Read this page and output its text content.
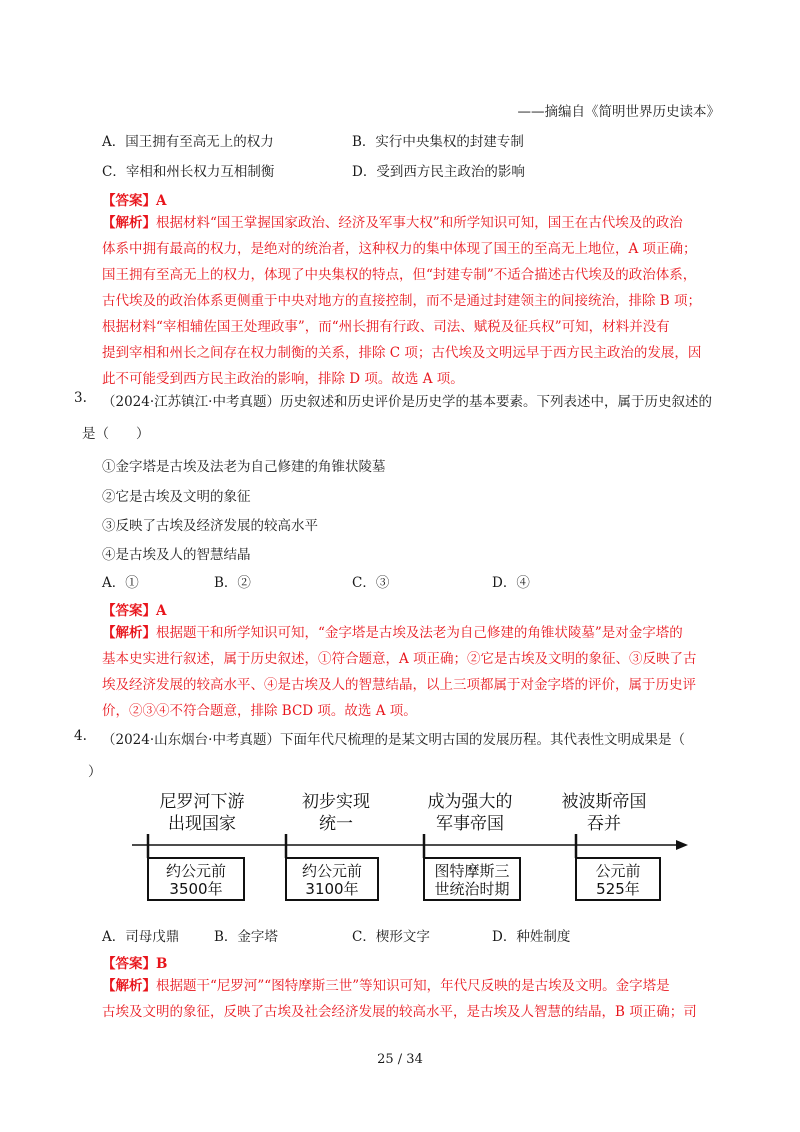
——摘编自《简明世界历史读本》
A．国王拥有至高无上的权力	B．实行中央集权的封建专制
C．宰相和州长权力互相制衡	D．受到西方民主政治的影响
【答案】A
【解析】根据材料“国王掌握国家政治、经济及军事大权”和所学知识可知，国王在古代埃及的政治
体系中拥有最高的权力，是绝对的统治者，这种权力的集中体现了国王的至高无上地位，A 项正确；
国王拥有至高无上的权力，体现了中央集权的特点，但“封建专制”不适合描述古代埃及的政治体系，
古代埃及的政治体系更侧重于中央对地方的直接控制，而不是通过封建领主的间接统治，排除 B 项；
根据材料“宰相辅佐国王处理政事”，而“州长拥有行政、司法、赋税及征兵权”可知，材料并没有
提到宰相和州长之间存在权力制衡的关系，排除 C 项；古代埃及文明远早于西方民主政治的发展，因
此不可能受到西方民主政治的影响，排除 D 项。故选 A 项。
3. （2024·江苏镇江·中考真题）历史叙述和历史评价是历史学的基本要素。下列表述中，属于历史叙述的
是（　　）
①金字塔是古埃及法老为自己修建的角锥状陵墓
②它是古埃及文明的象征
③反映了古埃及经济发展的较高水平
④是古埃及人的智慧结晶
A．①	B．②	C．③	D．④
【答案】A
【解析】根据题干和所学知识可知，“金字塔是古埃及法老为自己修建的角锥状陵墓”是对金字塔的
基本史实进行叙述，属于历史叙述，①符合题意，A 项正确；②它是古埃及文明的象征、③反映了古
埃及经济发展的较高水平、④是古埃及人的智慧结晶，以上三项都属于对金字塔的评价，属于历史评
价，②③④不符合题意，排除 BCD 项。故选 A 项。
4. （2024·山东烟台·中考真题）下面年代尺梳理的是某文明古国的发展历程。其代表性文明成果是（
）
尼罗河下游
出现国家
约公元前
3500年
初步实现
统一
约公元前
3100年
成为强大的
军事帝国
图特摩斯三
世统治时期
被波斯帝国
吞并
公元前
525年
A．司母戊鼎	B．金字塔	C．楔形文字	D．种姓制度
【答案】B
【解析】根据题干“尼罗河”“图特摩斯三世”等知识可知，年代尺反映的是古埃及文明。金字塔是
古埃及文明的象征，反映了古埃及社会经济发展的较高水平，是古埃及人智慧的结晶，B 项正确；司
25 / 34
